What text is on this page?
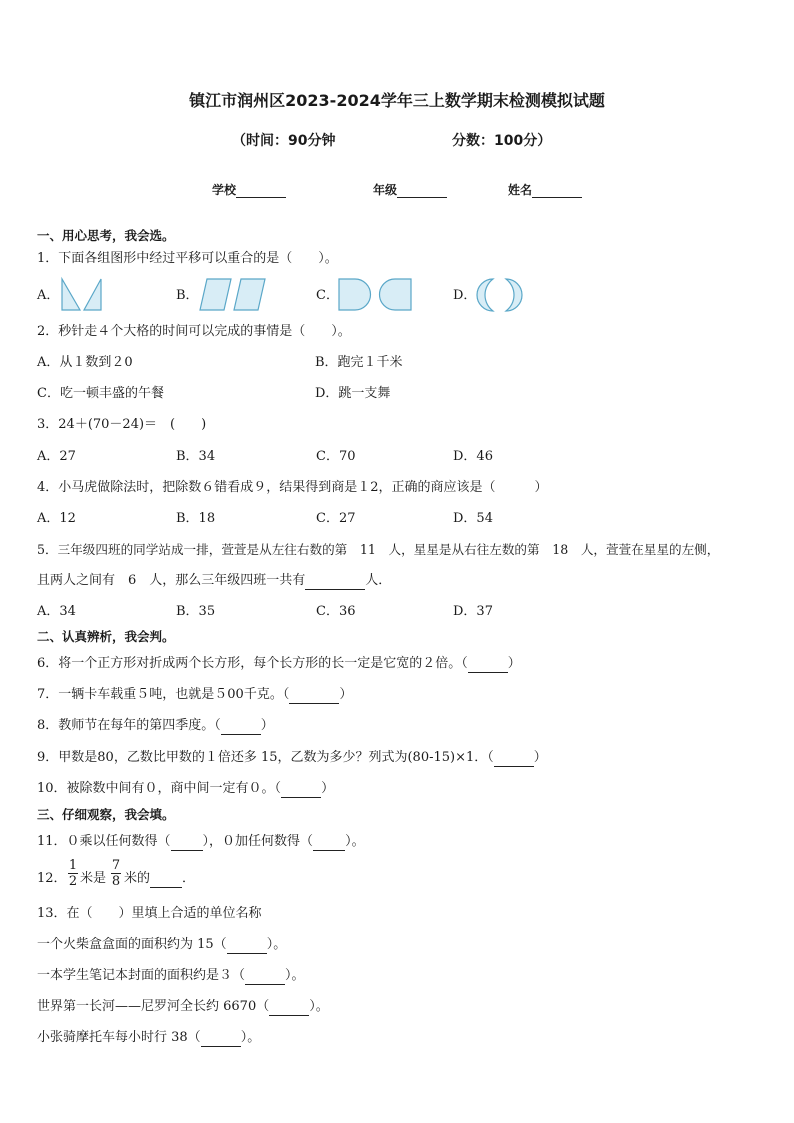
镇江市润州区2023-2024学年三上数学期末检测模拟试题
（时间：90分钟	分数：100分）
学校	年级	姓名
一、用心思考，我会选。
1．下面各组图形中经过平移可以重合的是（　　）。
A．	B．	C．	D．
2．秒针走４个大格的时间可以完成的事情是（　　）。
A．从１数到２0	B．跑完１千米
C．吃一顿丰盛的午餐	D．跳一支舞
3．24＋(70－24)＝　(　　)
A．27	B．34	C．70	D．46
4．小马虎做除法时，把除数６错看成９，结果得到商是１2，正确的商应该是（　　　）
A．12	B．18	C．27	D．54
5．三年级四班的同学站成一排，萱萱是从左往右数的第　11　人，星星是从右往左数的第　18　人，萱萱在星星的左侧，
且两人之间有　6　人，那么三年级四班一共有	人．
A．34	B．35	C．36	D．37
二、认真辨析，我会判。
6．将一个正方形对折成两个长方形，每个长方形的长一定是它宽的２倍。（	）
7．一辆卡车载重５吨，也就是５00千克。（	）
8．教师节在每年的第四季度。（	）
9．甲数是80，乙数比甲数的１倍还多 15，乙数为多少？列式为(80-15)×1．（	）
10．被除数中间有０，商中间一定有０。（	）
三、仔细观察，我会填。
11．０乘以任何数得（ ），０加任何数得（ ）。
12．
1
2 米是
7
8 米的 ．
13．在（　　）里填上合适的单位名称
一个火柴盒盒面的面积约为 15（	）。
一本学生笔记本封面的面积约是３（	）。
世界第一长河——尼罗河全长约 6670（	）。
小张骑摩托车每小时行 38（	）。
